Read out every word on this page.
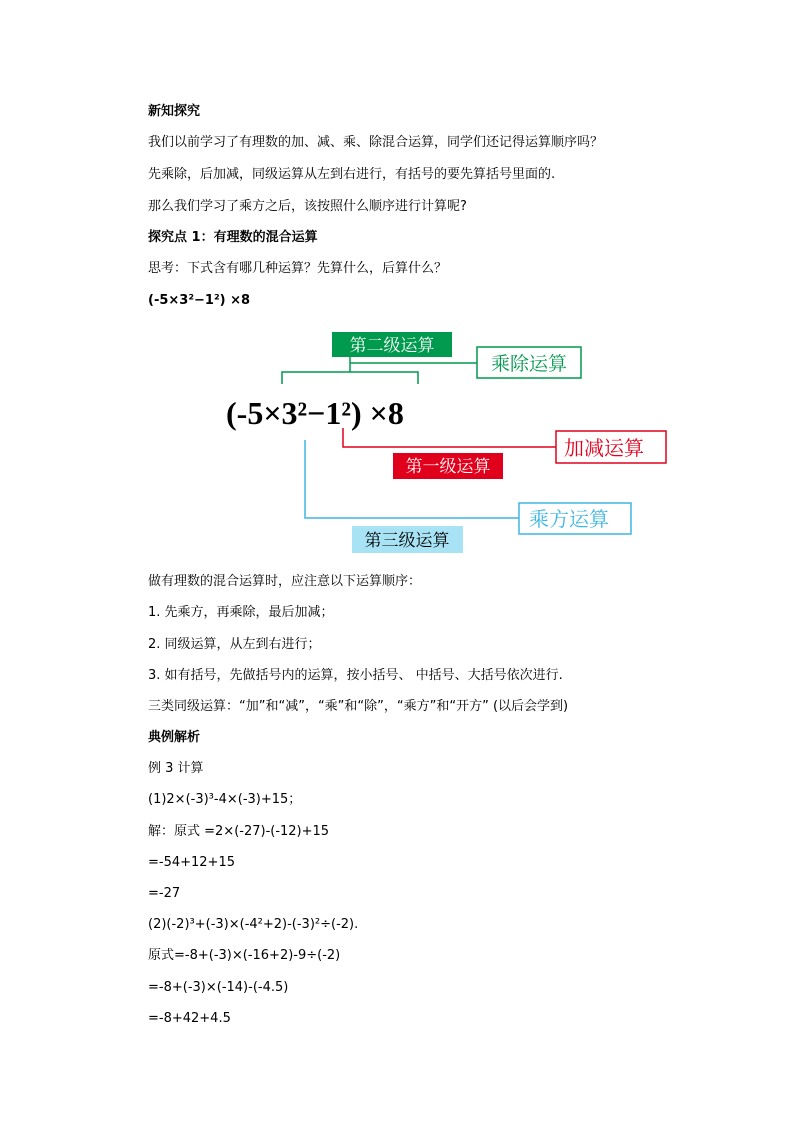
新知探究
我们以前学习了有理数的加、减、乘、除混合运算，同学们还记得运算顺序吗？
先乘除，后加减，同级运算从左到右进行，有括号的要先算括号里面的.
那么我们学习了乘方之后，该按照什么顺序进行计算呢?
探究点 1：有理数的混合运算
思考：下式含有哪几种运算？先算什么，后算什么？
(-5×3²−1²) ×8
第二级运算
乘除运算
(-5×3²−1²) ×8
加减运算
第一级运算
乘方运算
第三级运算
做有理数的混合运算时，应注意以下运算顺序：
1. 先乘方，再乘除，最后加减；
2. 同级运算，从左到右进行；
3. 如有括号，先做括号内的运算，按小括号、 中括号、大括号依次进行.
三类同级运算：“加”和“减”，“乘”和“除”，“乘方”和“开方” (以后会学到)
典例解析
例 3 计算
(1)2×(-3)³-4×(-3)+15；
解：原式 =2×(-27)-(-12)+15
=-54+12+15
=-27
(2)(-2)³+(-3)×(-4²+2)-(-3)²÷(-2).
原式=-8+(-3)×(-16+2)-9÷(-2)
=-8+(-3)×(-14)-(-4.5)
=-8+42+4.5
